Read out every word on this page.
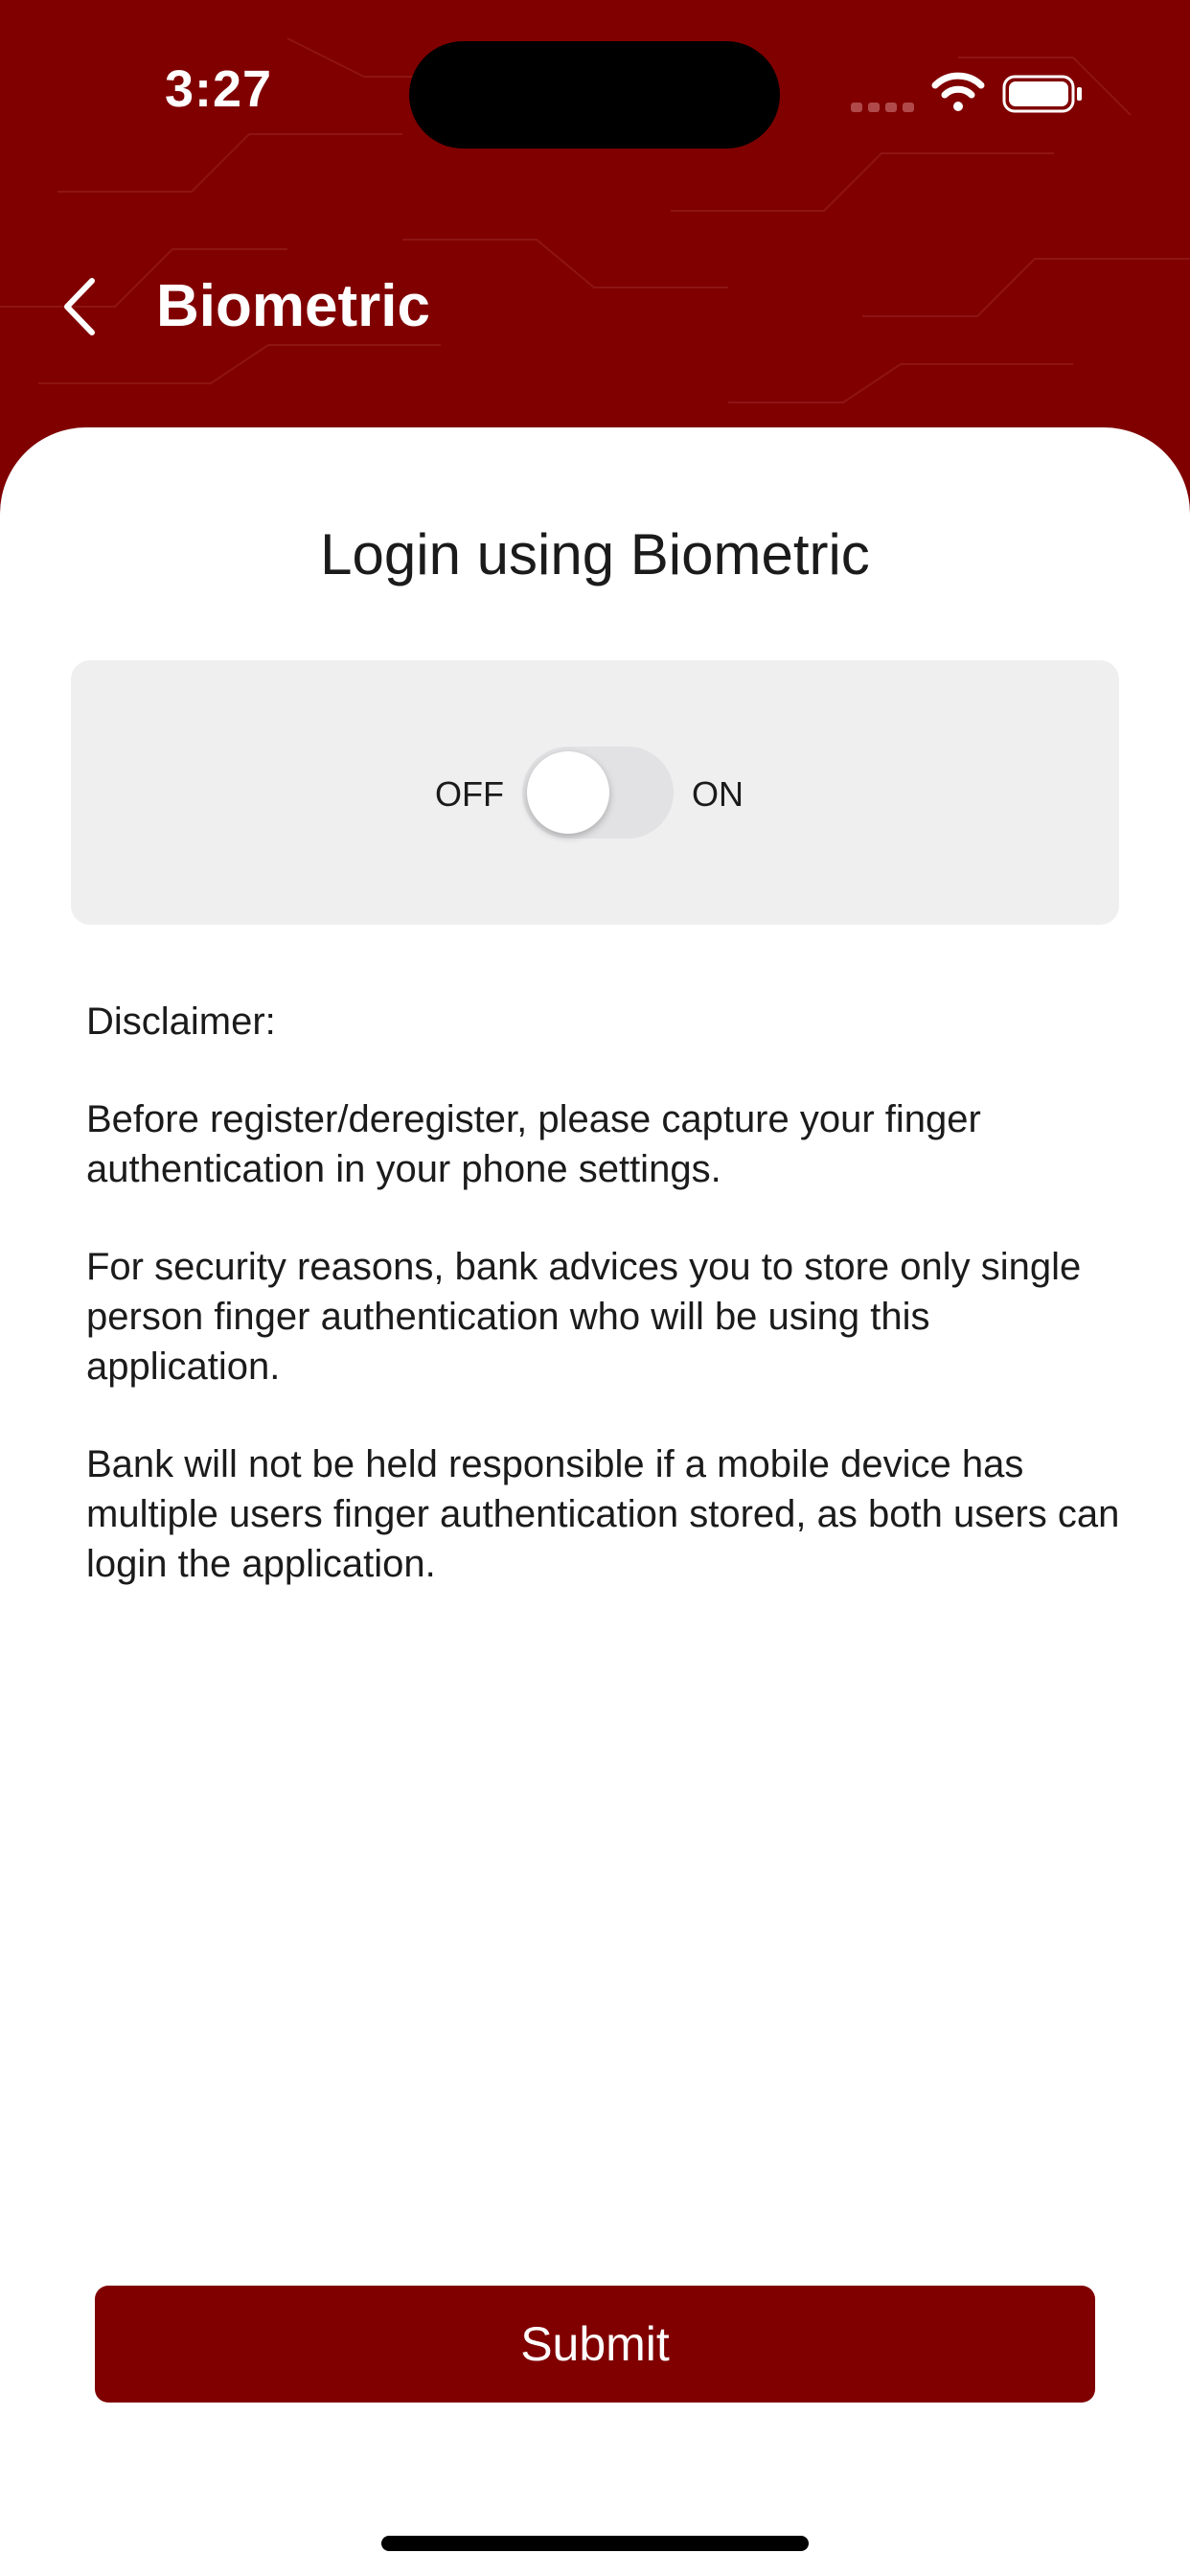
3:27
Biometric
Login using Biometric
OFF	ON

Disclaimer:

Before register/deregister, please capture your finger authentication in your phone settings.

For security reasons, bank advices you to store only single person finger authentication who will be using this application.

Bank will not be held responsible if a mobile device has multiple users finger authentication stored, as both users can login the application.

Submit
